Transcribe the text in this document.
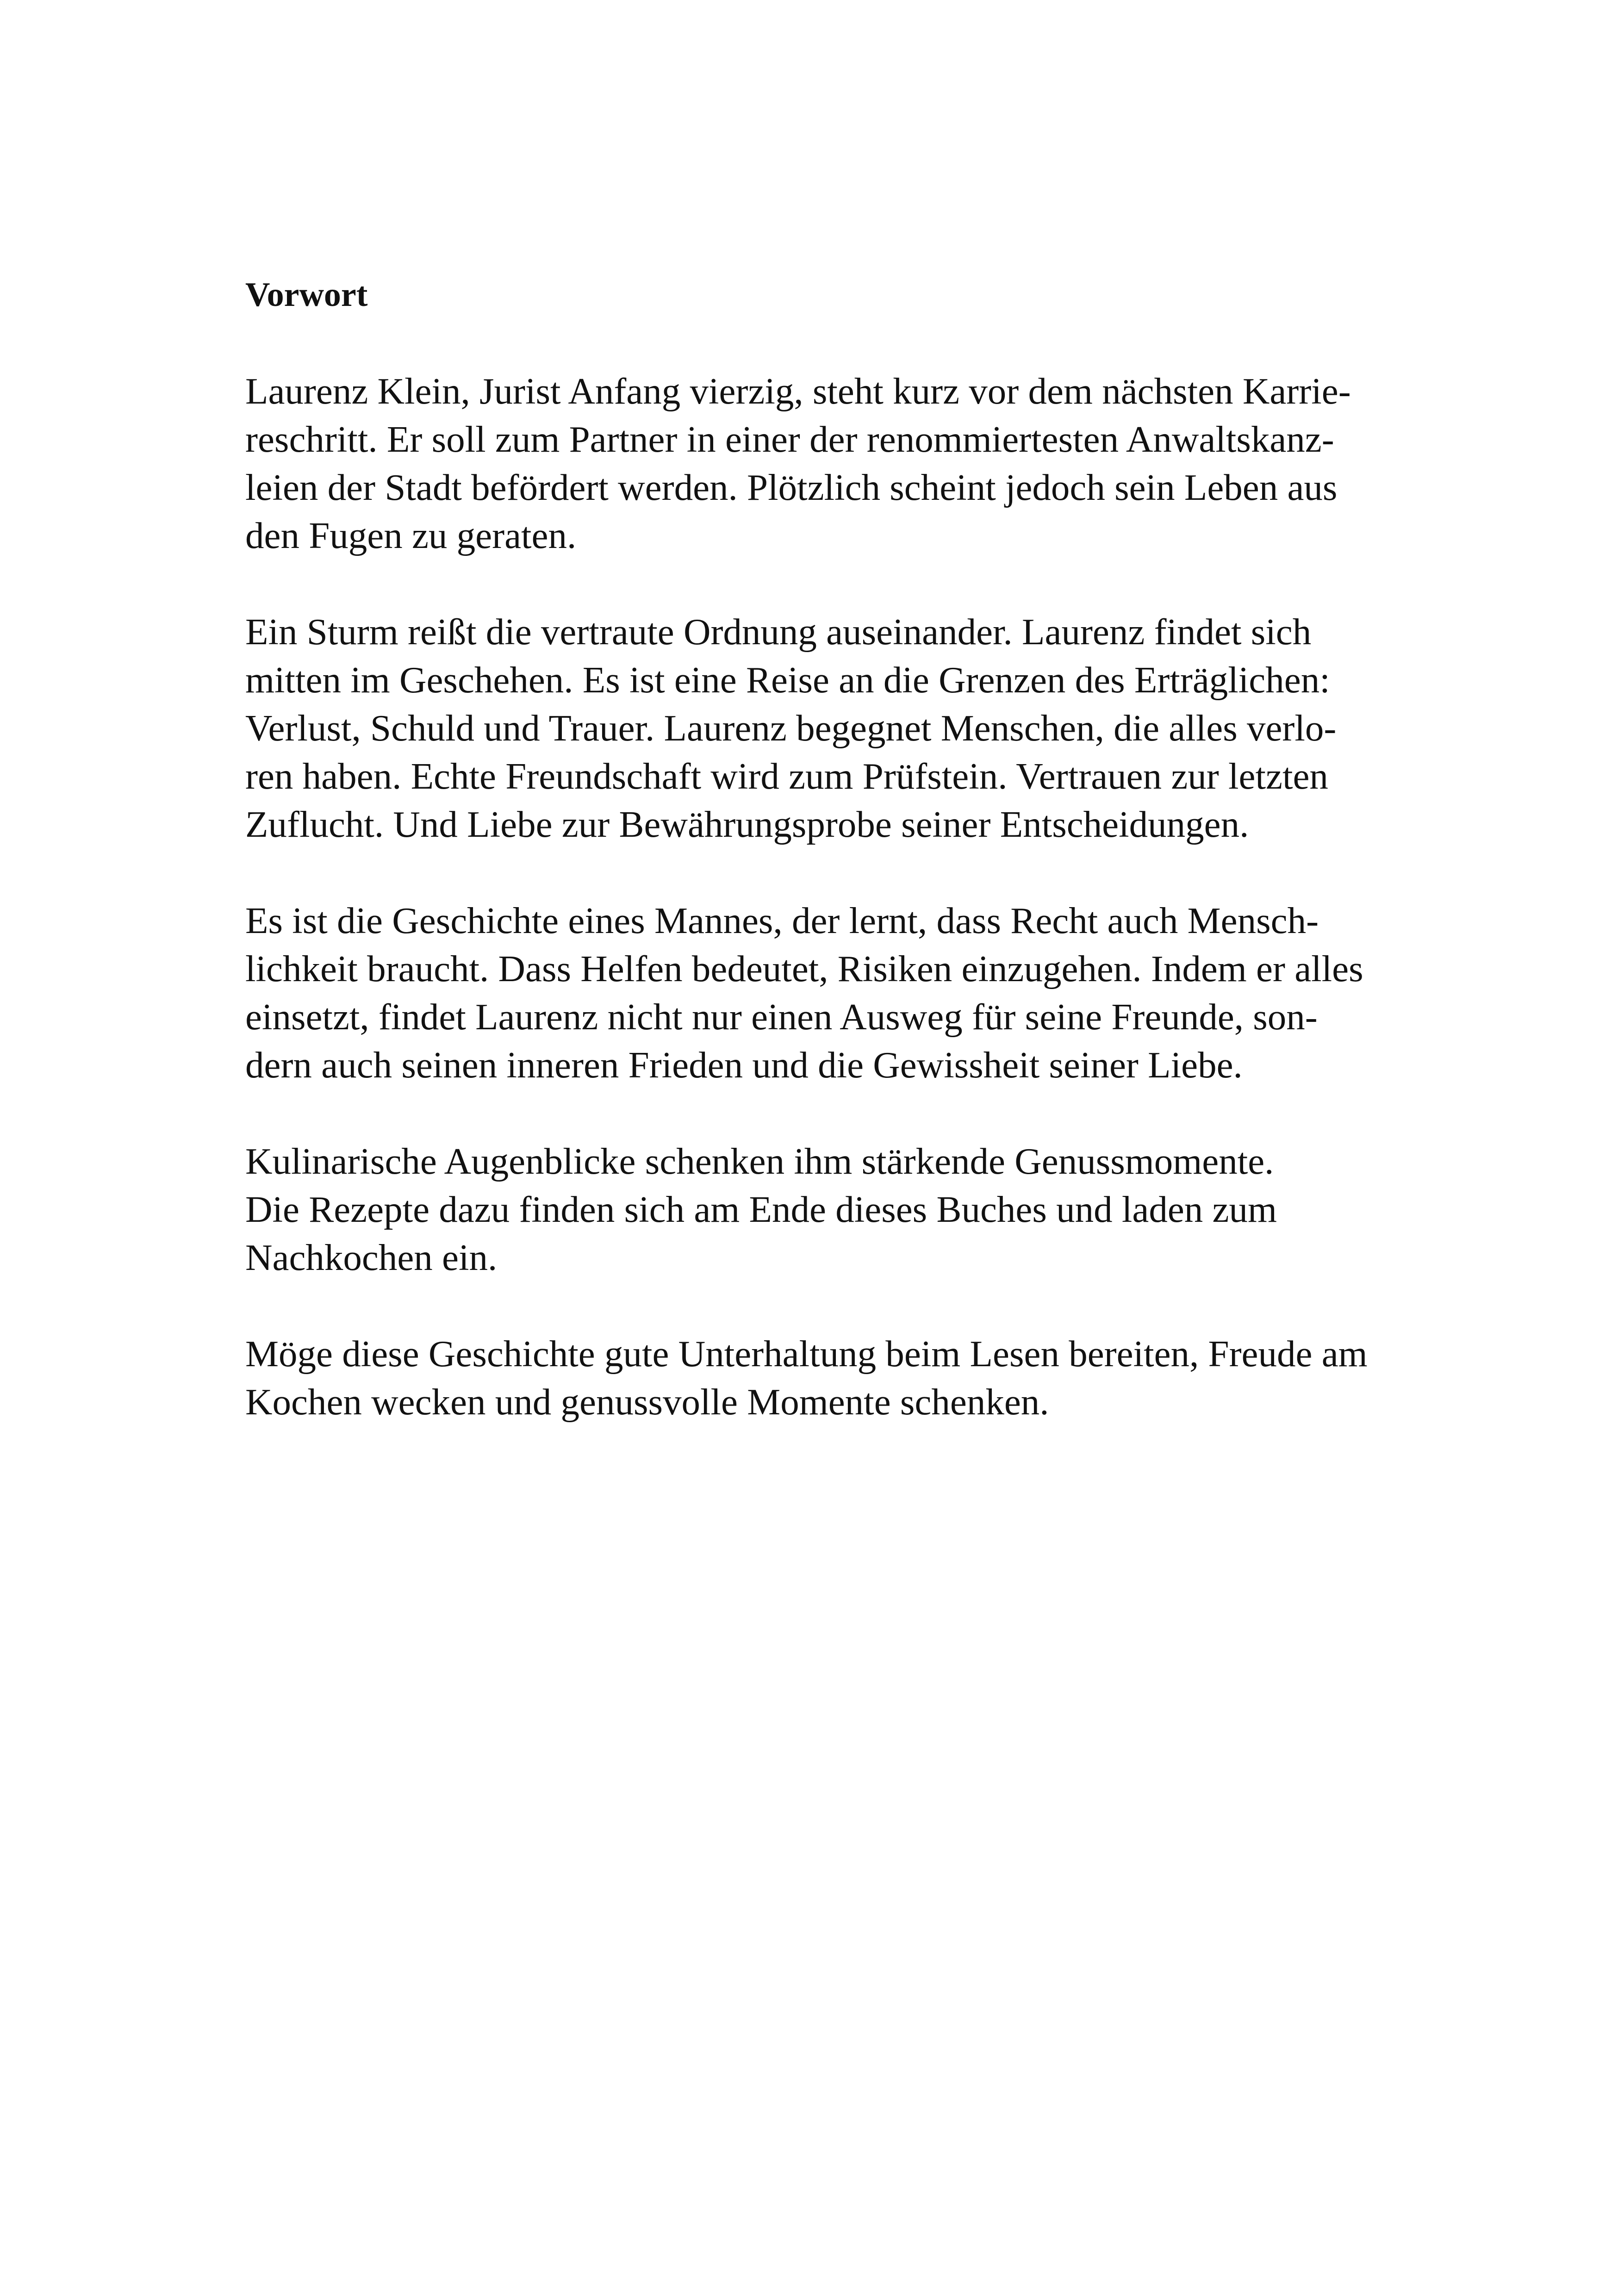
Vorwort
Laurenz Klein, Jurist Anfang vierzig, steht kurz vor dem nächsten Karrie-
reschritt. Er soll zum Partner in einer der renommiertesten Anwaltskanz-
leien der Stadt befördert werden. Plötzlich scheint jedoch sein Leben aus
den Fugen zu geraten.
Ein Sturm reißt die vertraute Ordnung auseinander. Laurenz findet sich
mitten im Geschehen. Es ist eine Reise an die Grenzen des Erträglichen:
Verlust, Schuld und Trauer. Laurenz begegnet Menschen, die alles verlo-
ren haben. Echte Freundschaft wird zum Prüfstein. Vertrauen zur letzten
Zuflucht. Und Liebe zur Bewährungsprobe seiner Entscheidungen.
Es ist die Geschichte eines Mannes, der lernt, dass Recht auch Mensch-
lichkeit braucht. Dass Helfen bedeutet, Risiken einzugehen. Indem er alles
einsetzt, findet Laurenz nicht nur einen Ausweg für seine Freunde, son-
dern auch seinen inneren Frieden und die Gewissheit seiner Liebe.
Kulinarische Augenblicke schenken ihm stärkende Genussmomente.
Die Rezepte dazu finden sich am Ende dieses Buches und laden zum
Nachkochen ein.
Möge diese Geschichte gute Unterhaltung beim Lesen bereiten, Freude am
Kochen wecken und genussvolle Momente schenken.
